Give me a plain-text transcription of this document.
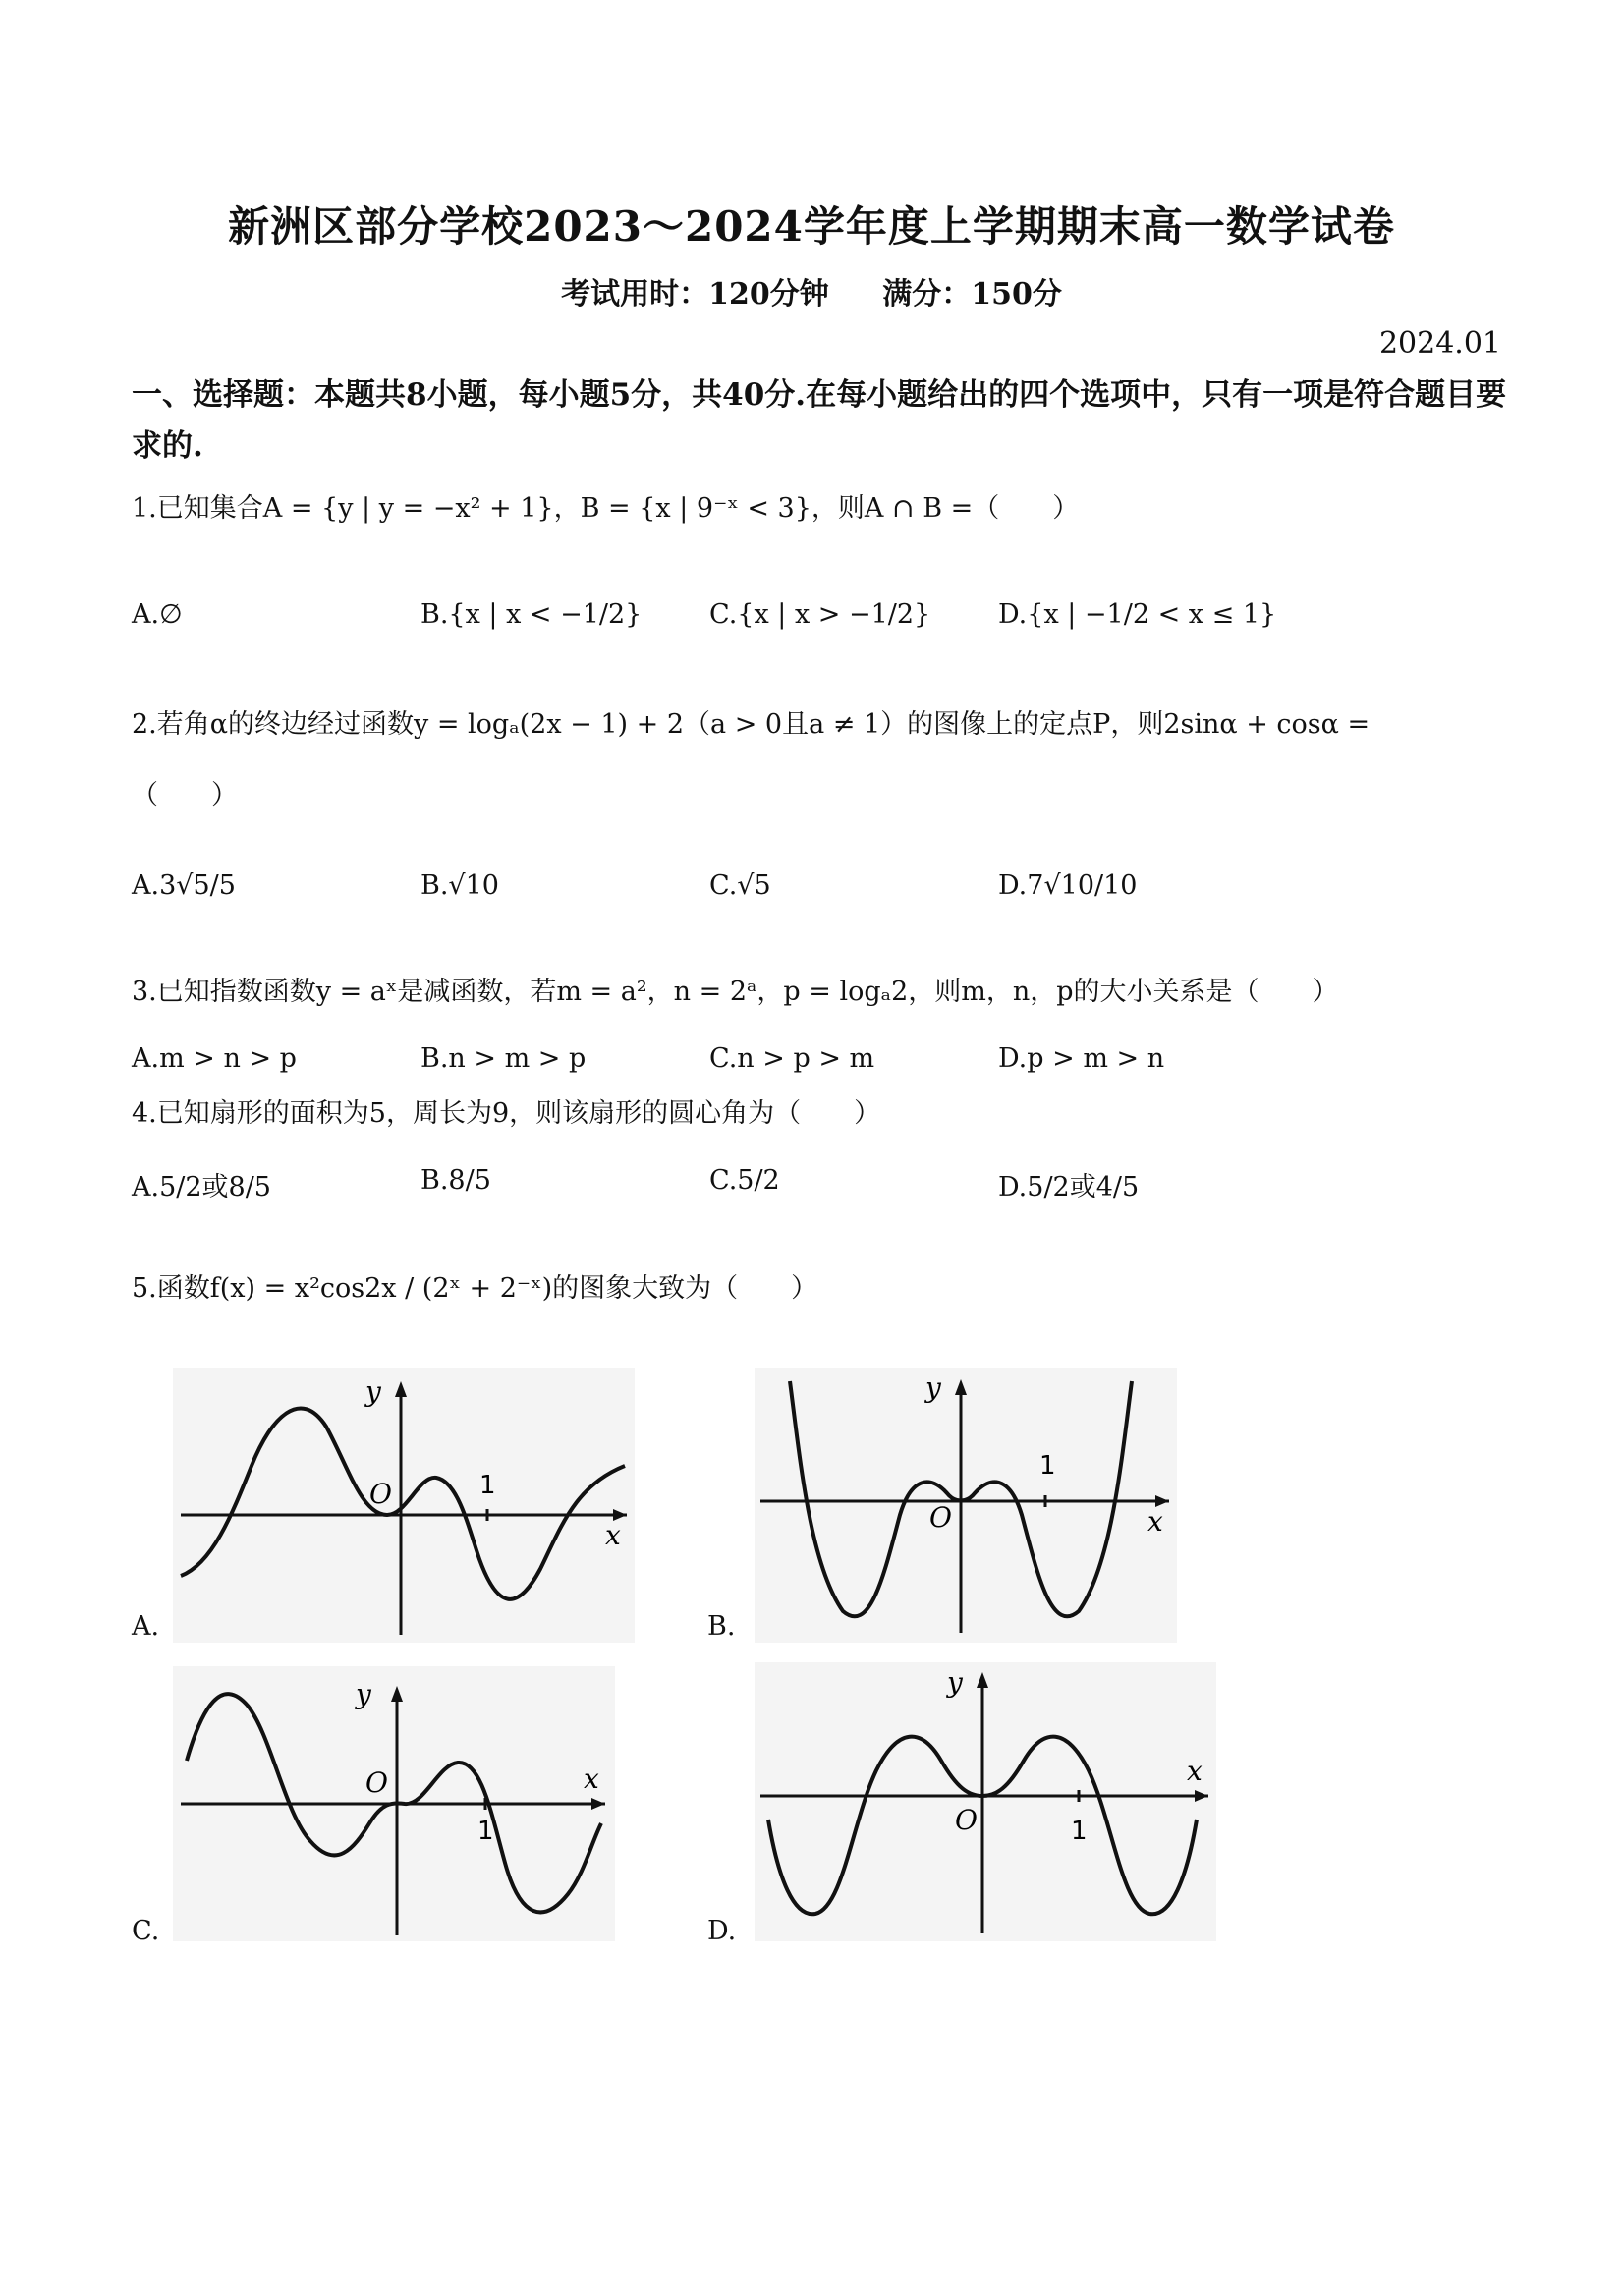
新洲区部分学校2023～2024学年度上学期期末高一数学试卷
考试用时：120分钟 满分：150分
2024.01
一、选择题：本题共8小题，每小题5分，共40分.在每小题给出的四个选项中，只有一项是符合题目要求的.
1.已知集合A = {y | y = −x² + 1}，B = {x | 9⁻ˣ < 3}，则A ∩ B =（　　）
A.∅	B.{x | x < −1/2}	C.{x | x > −1/2}	D.{x | −1/2 < x ≤ 1}
2.若角α的终边经过函数y = logₐ(2x − 1) + 2（a > 0且a ≠ 1）的图像上的定点P，则2sinα + cosα =
（　　）
A.3√5/5	B.√10	C.√5	D.7√10/10
3.已知指数函数y = aˣ是减函数，若m = a²，n = 2ᵃ，p = logₐ2，则m，n，p的大小关系是（　　）
A.m > n > p	B.n > m > p	C.n > p > m	D.p > m > n
4.已知扇形的面积为5，周长为9，则该扇形的圆心角为（　　）
A.5/2或8/5	B.8/5	C.5/2	D.5/2或4/5
5.函数f(x) = x²cos2x / (2ˣ + 2⁻ˣ)的图象大致为（　　）
A.
1
O
x
y
B.
1
O	x
y
C.
1
O	x
y
D.
1
O
x
y
